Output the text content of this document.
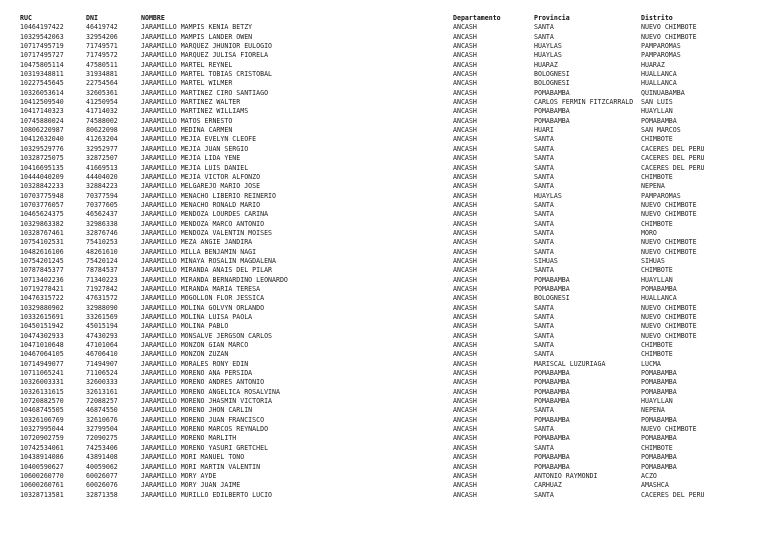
RUC	DNI	NOMBRE	Departamento	Provincia	Distrito
10464197422	46419742	JARAMILLO MAMPIS KENIA BETZY	ANCASH	SANTA	NUEVO CHIMBOTE
10329542063	32954206	JARAMILLO MAMPIS LANDER OWEN	ANCASH	SANTA	NUEVO CHIMBOTE
10717495719	71749571	JARAMILLO MARQUEZ JHUNIOR EULOGIO	ANCASH	HUAYLAS	PAMPAROMAS
10717495727	71749572	JARAMILLO MARQUEZ JULISA FIORELA	ANCASH	HUAYLAS	PAMPAROMAS
10475805114	47580511	JARAMILLO MARTEL REYNEL	ANCASH	HUARAZ	HUARAZ
10319348811	31934881	JARAMILLO MARTEL TOBIAS CRISTOBAL	ANCASH	BOLOGNESI	HUALLANCA
10227545645	22754564	JARAMILLO MARTEL WILMER	ANCASH	BOLOGNESI	HUALLANCA
10326053614	32605361	JARAMILLO MARTINEZ CIRO SANTIAGO	ANCASH	POMABAMBA	QUINUABAMBA
10412509540	41250954	JARAMILLO MARTINEZ WALTER	ANCASH	CARLOS FERMIN FITZCARRALD	SAN LUIS
10417140323	41714032	JARAMILLO MARTINEZ WILLIAMS	ANCASH	POMABAMBA	HUAYLLAN
10745880024	74588002	JARAMILLO MATOS ERNESTO	ANCASH	POMABAMBA	POMABAMBA
10806220987	80622098	JARAMILLO MEDINA CARMEN	ANCASH	HUARI	SAN MARCOS
10412632040	41263204	JARAMILLO MEJIA EVELYN CLEOFE	ANCASH	SANTA	CHIMBOTE
10329529776	32952977	JARAMILLO MEJIA JUAN SERGIO	ANCASH	SANTA	CACERES DEL PERU
10328725075	32872507	JARAMILLO MEJIA LIDA YENE	ANCASH	SANTA	CACERES DEL PERU
10416695135	41669513	JARAMILLO MEJIA LUIS DANIEL	ANCASH	SANTA	CACERES DEL PERU
10444040209	44404020	JARAMILLO MEJIA VICTOR ALFONZO	ANCASH	SANTA	CHIMBOTE
10328842233	32884223	JARAMILLO MELGAREJO MARIO JOSE	ANCASH	SANTA	NEPEÑA
10703775948	70377594	JARAMILLO MENACHO LIBERIO REINERIO	ANCASH	HUAYLAS	PAMPAROMAS
10703776057	70377605	JARAMILLO MENACHO RONALD MARIO	ANCASH	SANTA	NUEVO CHIMBOTE
10465624375	46562437	JARAMILLO MENDOZA LOURDES CARINA	ANCASH	SANTA	NUEVO CHIMBOTE
10329863382	32986338	JARAMILLO MENDOZA MARCO ANTONIO	ANCASH	SANTA	CHIMBOTE
10328767461	32876746	JARAMILLO MENDOZA VALENTIN MOISES	ANCASH	SANTA	MORO
10754102531	75410253	JARAMILLO MEZA ANGIE JANDIRA	ANCASH	SANTA	NUEVO CHIMBOTE
10482616106	48261610	JARAMILLO MILLA BENJAMIN NAGI	ANCASH	SANTA	NUEVO CHIMBOTE
10754201245	75420124	JARAMILLO MINAYA ROSALIN MAGDALENA	ANCASH	SIHUAS	SIHUAS
10787845377	78784537	JARAMILLO MIRANDA ANAIS DEL PILAR	ANCASH	SANTA	CHIMBOTE
10713402236	71340223	JARAMILLO MIRANDA BERNARDINO LEONARDO	ANCASH	POMABAMBA	HUAYLLAN
10719278421	71927842	JARAMILLO MIRANDA MARIA TERESA	ANCASH	POMABAMBA	POMABAMBA
10476315722	47631572	JARAMILLO MOGOLLON FLOR JESSICA	ANCASH	BOLOGNESI	HUALLANCA
10329880902	32988090	JARAMILLO MOLINA GOLVYN ORLANDO	ANCASH	SANTA	NUEVO CHIMBOTE
10332615691	33261569	JARAMILLO MOLINA LUISA PAOLA	ANCASH	SANTA	NUEVO CHIMBOTE
10450151942	45015194	JARAMILLO MOLINA PABLO	ANCASH	SANTA	NUEVO CHIMBOTE
10474302933	47430293	JARAMILLO MONSALVE JERGSON CARLOS	ANCASH	SANTA	NUEVO CHIMBOTE
10471010648	47101064	JARAMILLO MONZON GIAN MARCO	ANCASH	SANTA	CHIMBOTE
10467064105	46706410	JARAMILLO MONZON ZUZAN	ANCASH	SANTA	CHIMBOTE
10714949077	71494907	JARAMILLO MORALES RONY EDIN	ANCASH	MARISCAL LUZURIAGA	LUCMA
10711065241	71106524	JARAMILLO MORENO ANA PERSIDA	ANCASH	POMABAMBA	POMABAMBA
10326003331	32600333	JARAMILLO MORENO ANDRES ANTONIO	ANCASH	POMABAMBA	POMABAMBA
10326131615	32613161	JARAMILLO MORENO ANGELICA ROSALVINA	ANCASH	POMABAMBA	POMABAMBA
10720882570	72088257	JARAMILLO MORENO JHASMIN VICTORIA	ANCASH	POMABAMBA	HUAYLLAN
10468745505	46874550	JARAMILLO MORENO JHON CARLIN	ANCASH	SANTA	NEPEÑA
10326106769	32610676	JARAMILLO MORENO JUAN FRANCISCO	ANCASH	POMABAMBA	POMABAMBA
10327995044	32799504	JARAMILLO MORENO MARCOS REYNALDO	ANCASH	SANTA	NUEVO CHIMBOTE
10720902759	72090275	JARAMILLO MORENO MARLITH	ANCASH	POMABAMBA	POMABAMBA
10742534061	74253406	JARAMILLO MORENO YASURI GRETCHEL	ANCASH	SANTA	CHIMBOTE
10438914086	43891408	JARAMILLO MORI MANUEL TOÑO	ANCASH	POMABAMBA	POMABAMBA
10400590627	40059062	JARAMILLO MORI MARTIN VALENTIN	ANCASH	POMABAMBA	POMABAMBA
10600260770	60026077	JARAMILLO MORY AYDE	ANCASH	ANTONIO RAYMONDI	ACZO
10600260761	60026076	JARAMILLO MORY JUAN JAIME	ANCASH	CARHUAZ	AMASHCA
10328713581	32871358	JARAMILLO MURILLO EDILBERTO LUCIO	ANCASH	SANTA	CACERES DEL PERU
